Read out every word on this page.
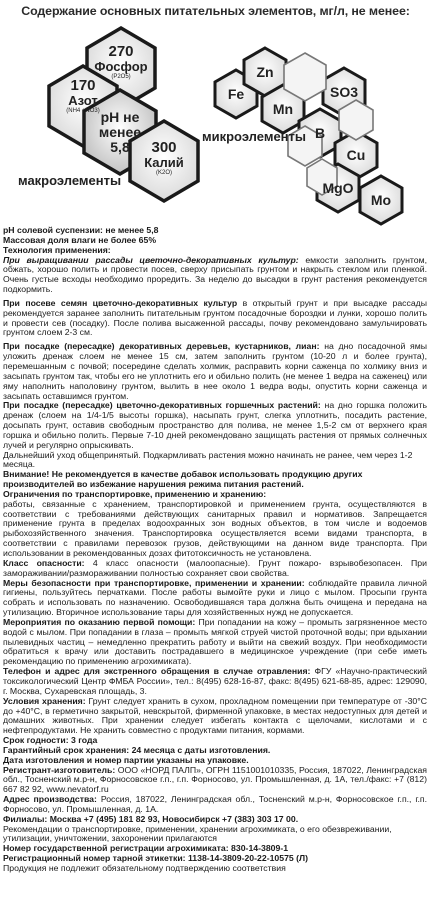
Содержание основных питательных элементов, мг/л, не менее:
270
Фосфор
(P2O5)
170
Азот
(NH4 +NO3) pH не
менее
5,8	300
Калий
(K2O)
макроэлементы
Fe
Zn
Mn
SO3
B
Cu
MgO
Mo
микроэлементы

pH солевой суспензии: не менее 5,8

Массовая доля влаги не более 65%

Технология применения:

При выращивании рассады цветочно-декоративных культур: емкости заполнить грунтом, обжать, хорошо полить и провести посев, сверху присыпать грунтом и накрыть стеклом или пленкой. Очень густые всходы необходимо проредить. За неделю до высадки в грунт растения рекомендуется подкормить.

При посеве семян цветочно-декоративных культур в открытый грунт и при высадке рассады рекомендуется заранее заполнить питательным грунтом посадочные бороздки и лунки, хорошо полить и провести сев (посадку). После полива высаженной рассады, почву рекомендовано замульчировать грунтом слоем 2-3 см.

При посадке (пересадке) декоративных деревьев, кустарников, лиан: на дно посадочной ямы уложить дренаж слоем не менее 15 см, затем заполнить грунтом (10-20 л и более грунта), перемешанным с почвой; посередине сделать холмик, расправить корни саженца по холмику вниз и засыпать грунтом так, чтобы его не уплотнить его и обильно полить (не менее 1 ведра на саженец) или яму наполнить наполовину грунтом, вылить в нее около 1 ведра воды, опустить корни саженца и засыпать оставшимся грунтом.

При посадке (пересадке) цветочно-декоративных горшечных растений: на дно горшка положить дренаж (слоем на 1/4-1/5 высоты горшка), насыпать грунт, слегка уплотнить, посадить растение, досыпать грунт, оставив свободным пространство для полива, не менее 1,5-2 см от верхнего края горшка и обильно полить. Первые 7-10 дней рекомендовано защищать растения от прямых солнечных лучей и регулярно опрыскивать.

Дальнейший уход общепринятый. Подкармливать растения можно начинать не ранее, чем через 1-2 месяца.

Внимание! Не рекомендуется в качестве добавок использовать продукцию других производителей во избежание нарушения режима питания растений.

Ограничения по транспортировке, применению и хранению:

работы, связанные с хранением, транспортировкой и применением грунта, осуществляются в соответствии с требованиями действующих санитарных правил и нормативов. Запрещается применение грунта в пределах водоохранных зон водных объектов, в том числе и водоемов рыбохозяйственного значения. Транспортировка осуществляется всеми видами транспорта, в соответствии с правилами перевозок грузов, действующими на данном виде транспорта. При использовании в рекомендованных дозах фитотоксичность не установлена.

Класс опасности: 4 класс опасности (малоопасные). Грунт пожаро- взрывобезопасен. При замораживании/размораживании полностью сохраняет свои свойства.

Меры безопасности при транспортировке, применении и хранении: соблюдайте правила личной гигиены, пользуйтесь перчатками. После работы вымойте руки и лицо с мылом. Просыпи грунта собрать и использовать по назначению. Освободившаяся тара должна быть очищена и передана на утилизацию. Вторичное использование тары для хозяйственных нужд не допускается.

Мероприятия по оказанию первой помощи: При попадании на кожу – промыть загрязненное место водой с мылом. При попадании в глаза – промыть мягкой струей чистой проточной воды; при вдыхании пылевидных частиц – немедленно прекратить работу и выйти на свежий воздух. При необходимости обратиться к врачу или доставить пострадавшего в медицинское учреждение (при себе иметь рекомендацию по применению агрохимиката).

Телефон и адрес для экстренного обращения в случае отравления: ФГУ «Научно-практический токсикологический Центр ФМБА России», тел.: 8(495) 628-16-87, факс: 8(495) 621-68-85, адрес: 129090, г. Москва, Сухаревская площадь, 3.

Условия хранения: Грунт следует хранить в сухом, прохладном помещении при температуре от -30°С до +40°С, в герметично закрытой, невскрытой, фирменной упаковке, в местах недоступных для детей и домашних животных. При хранении следует избегать контакта с щелочами, кислотами и с нефтепродуктами. Не хранить совместно с продуктами питания, кормами.

Срок годности: 3 года

Гарантийный срок хранения: 24 месяца с даты изготовления.

Дата изготовления и номер партии указаны на упаковке.

Регистрант-изготовитель: ООО «НОРД ПАЛП», ОГРН 1151001010335, Россия, 187022, Ленинградская обл., Тосненский м.р-н, Форносовское г.п., г.п. Форносово, ул. Промышленная, д. 1А, тел./факс: +7 (812) 667 82 92, www.nevatorf.ru

Адрес производства: Россия, 187022, Ленинградская обл., Тосненский м.р-н, Форносовское г.п., г.п. Форносово, ул. Промышленная, д. 1А.

Филиалы: Москва +7 (495) 181 82 93, Новосибирск +7 (383) 303 17 00.

Рекомендации о транспортировке, применении, хранении агрохимиката, о его обезвреживании, утилизации, уничтожении, захоронении прилагаются

Номер государственной регистрации агрохимиката: 830-14-3809-1

Регистрационный номер тарной этикетки: 1138-14-3809-20-22-10575 (Л)

Продукция не подлежит обязательному подтверждению соответствия
